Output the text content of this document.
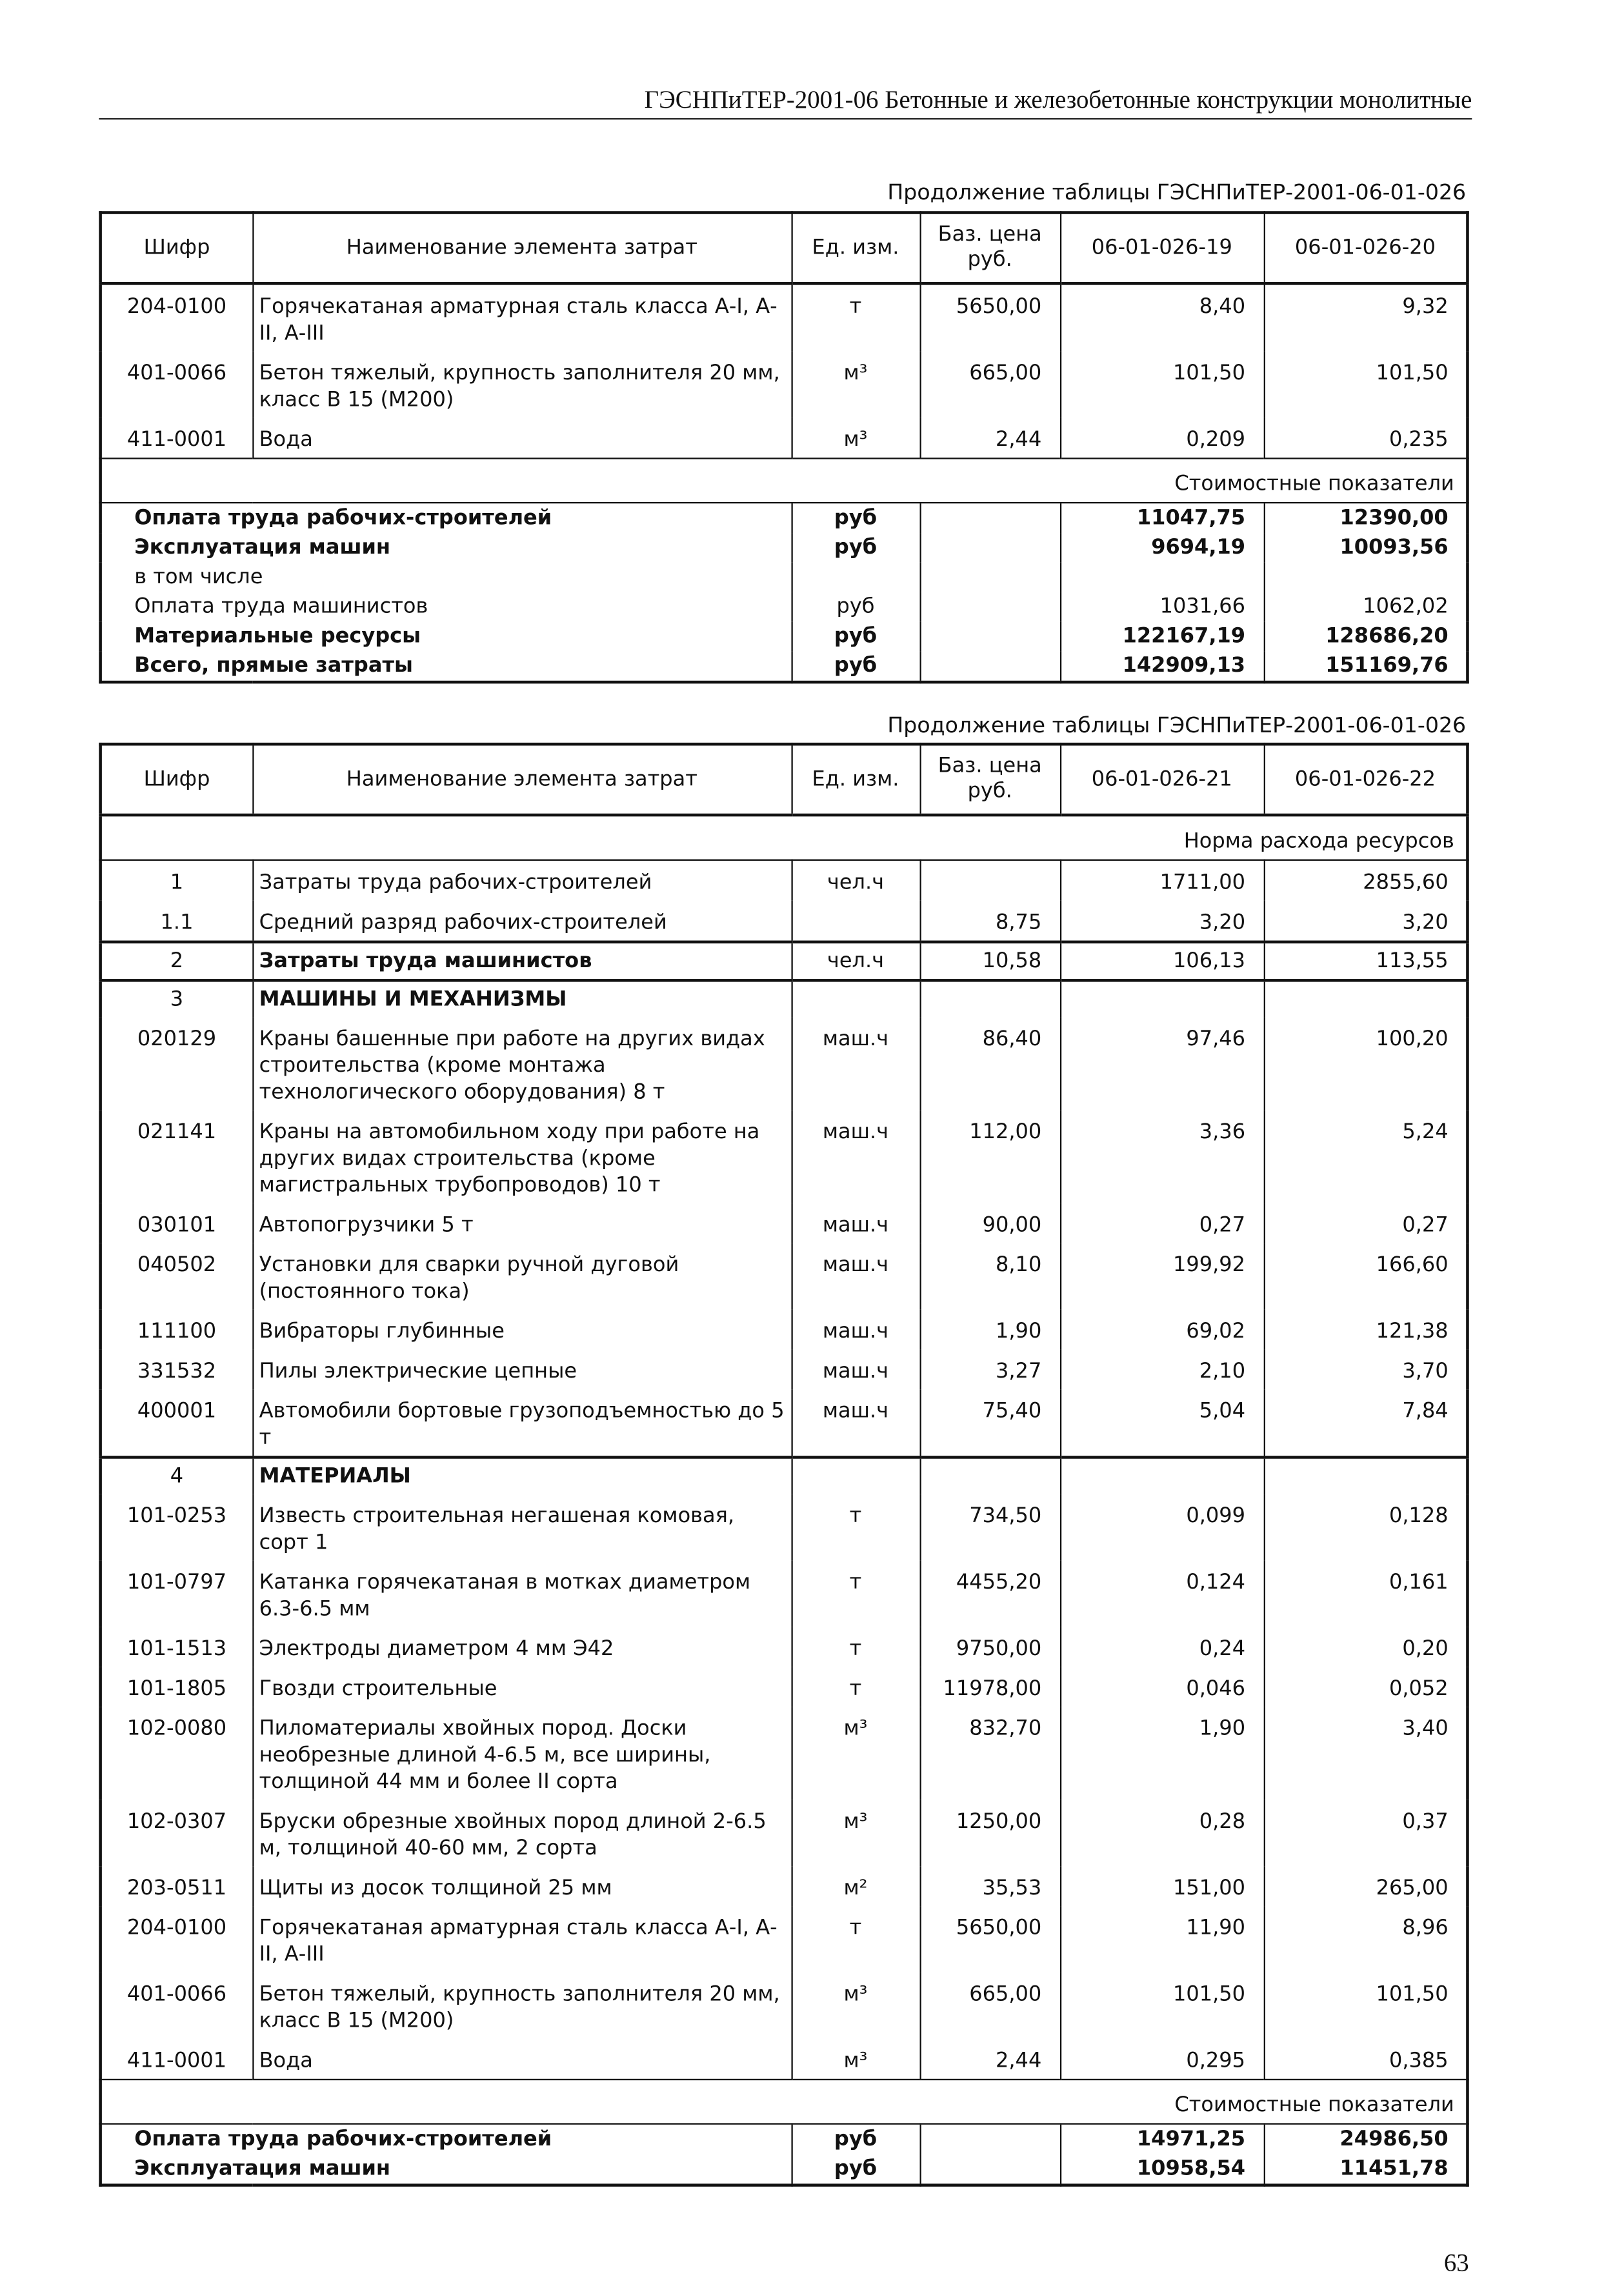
ГЭСНПиТЕР-2001-06 Бетонные и железобетонные конструкции монолитные
Продолжение таблицы ГЭСНПиТЕР-2001-06-01-026
Шифр	Наименование элемента затрат	Ед. изм.	Баз. цена руб.	06-01-026-19	06-01-026-20
204-0100	Горячекатаная арматурная сталь класса А-I, А-II, А-III	т	5650,00	8,40	9,32
401-0066	Бетон тяжелый, крупность заполнителя 20 мм, класс В 15 (М200)	м³	665,00	101,50	101,50
411-0001	Вода	м³	2,44	0,209	0,235
Стоимостные показатели					
Оплата труда рабочих-строителей		руб		11047,75	12390,00
Эксплуатация машин		руб		9694,19	10093,56
в том числе					
Оплата труда машинистов		руб		1031,66	1062,02
Материальные ресурсы		руб		122167,19	128686,20
Всего, прямые затраты		руб		142909,13	151169,76
Продолжение таблицы ГЭСНПиТЕР-2001-06-01-026
Шифр	Наименование элемента затрат	Ед. изм.	Баз. цена руб.	06-01-026-21	06-01-026-22
Норма расхода ресурсов					
1	Затраты труда рабочих-строителей	чел.ч		1711,00	2855,60
1.1	Средний разряд рабочих-строителей		8,75	3,20	3,20
2	Затраты труда машинистов	чел.ч	10,58	106,13	113,55
3	МАШИНЫ И МЕХАНИЗМЫ				
020129	Краны башенные при работе на других видах строительства (кроме монтажа технологического оборудования) 8 т	маш.ч	86,40	97,46	100,20
021141	Краны на автомобильном ходу при работе на других видах строительства (кроме магистральных трубопроводов) 10 т	маш.ч	112,00	3,36	5,24
030101	Автопогрузчики 5 т	маш.ч	90,00	0,27	0,27
040502	Установки для сварки ручной дуговой (постоянного тока)	маш.ч	8,10	199,92	166,60
111100	Вибраторы глубинные	маш.ч	1,90	69,02	121,38
331532	Пилы электрические цепные	маш.ч	3,27	2,10	3,70
400001	Автомобили бортовые грузоподъемностью до 5 т	маш.ч	75,40	5,04	7,84
4	МАТЕРИАЛЫ				
101-0253	Известь строительная негашеная комовая, сорт 1	т	734,50	0,099	0,128
101-0797	Катанка горячекатаная в мотках диаметром 6.3-6.5 мм	т	4455,20	0,124	0,161
101-1513	Электроды диаметром 4 мм Э42	т	9750,00	0,24	0,20
101-1805	Гвозди строительные	т	11978,00	0,046	0,052
102-0080	Пиломатериалы хвойных пород. Доски необрезные длиной 4-6.5 м, все ширины, толщиной 44 мм и более II сорта	м³	832,70	1,90	3,40
102-0307	Бруски обрезные хвойных пород длиной 2-6.5 м, толщиной 40-60 мм, 2 сорта	м³	1250,00	0,28	0,37
203-0511	Щиты из досок толщиной 25 мм	м²	35,53	151,00	265,00
204-0100	Горячекатаная арматурная сталь класса А-I, А-II, А-III	т	5650,00	11,90	8,96
401-0066	Бетон тяжелый, крупность заполнителя 20 мм, класс В 15 (М200)	м³	665,00	101,50	101,50
411-0001	Вода	м³	2,44	0,295	0,385
Стоимостные показатели					
Оплата труда рабочих-строителей		руб		14971,25	24986,50
Эксплуатация машин		руб		10958,54	11451,78
63
